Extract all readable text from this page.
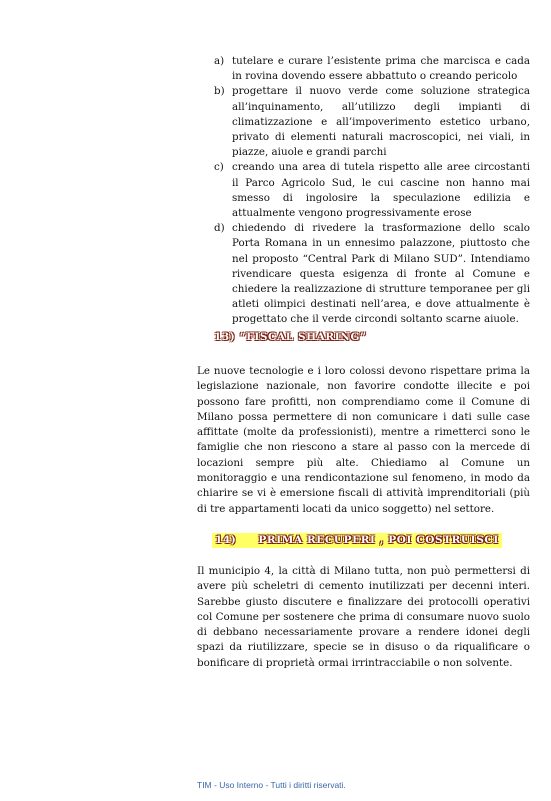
a) tutelare e curare l’esistente prima che marcisca e cada in rovina dovendo essere abbattuto o creando pericolo
b) progettare il nuovo verde come soluzione strategica all’inquinamento, all’utilizzo degli impianti di climatizzazione e all’impoverimento estetico urbano, privato di elementi naturali macroscopici, nei viali, in piazze, aiuole e grandi parchi
c) creando una area di tutela rispetto alle aree circostanti il Parco Agricolo Sud, le cui cascine non hanno mai smesso di ingolosire la speculazione edilizia e attualmente vengono progressivamente erose
d) chiedendo di rivedere la trasformazione dello scalo Porta Romana in un ennesimo palazzone, piuttosto che nel proposto “Central Park di Milano SUD”. Intendiamo rivendicare questa esigenza di fronte al Comune e chiedere la realizzazione di strutture temporanee per gli atleti olimpici destinati nell’area, e dove attualmente è progettato che il verde circondi soltanto scarne aiuole.
13) “FISCAL SHARING”

Le nuove tecnologie e i loro colossi devono rispettare prima la legislazione nazionale, non favorire condotte illecite e poi possono fare profitti, non comprendiamo come il Comune di Milano possa permettere di non comunicare i dati sulle case affittate (molte da professionisti), mentre a rimetterci sono le famiglie che non riescono a stare al passo con la mercede di locazioni sempre più alte. Chiediamo al Comune un monitoraggio e una rendicontazione sul fenomeno, in modo da chiarire se vi è emersione fiscali di attività imprenditoriali (più di tre appartamenti locati da unico soggetto) nel settore.

14) PRIMA RECUPERI , POI COSTRUISCI

Il municipio 4, la città di Milano tutta, non può permettersi di avere più scheletri di cemento inutilizzati per decenni interi. Sarebbe giusto discutere e finalizzare dei protocolli operativi col Comune per sostenere che prima di consumare nuovo suolo di debbano necessariamente provare a rendere idonei degli spazi da riutilizzare, specie se in disuso o da riqualificare o bonificare di proprietà ormai irrintracciabile o non solvente.

TIM - Uso Interno - Tutti i diritti riservati.
